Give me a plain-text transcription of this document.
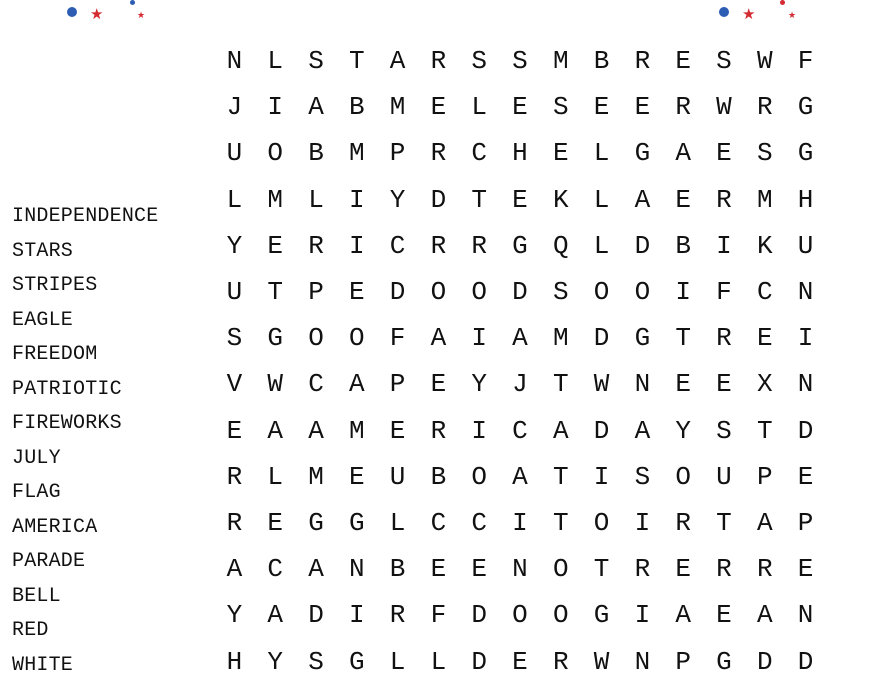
★	★	★	★
INDEPENDENCE
STARS
STRIPES
EAGLE
FREEDOM
PATRIOTIC
FIREWORKS
JULY
FLAG
AMERICA
PARADE
BELL
RED
WHITE
N L S T A R S S M B R E S W F
J I A B M E L E S E E R W R G
U O B M P R C H E L G A E S G
L M L I Y D T E K L A E R M H
Y E R I C R R G Q L D B I K U
U T P E D O O D S O O I F C N
S G O O F A I A M D G T R E I
V W C A P E Y J T W N E E X N
E A A M E R I C A D A Y S T D
R L M E U B O A T I S O U P E
R E G G L C C I T O I R T A P
A C A N B E E N O T R E R R E
Y A D I R F D O O G I A E A N
H Y S G L L D E R W N P G D D
